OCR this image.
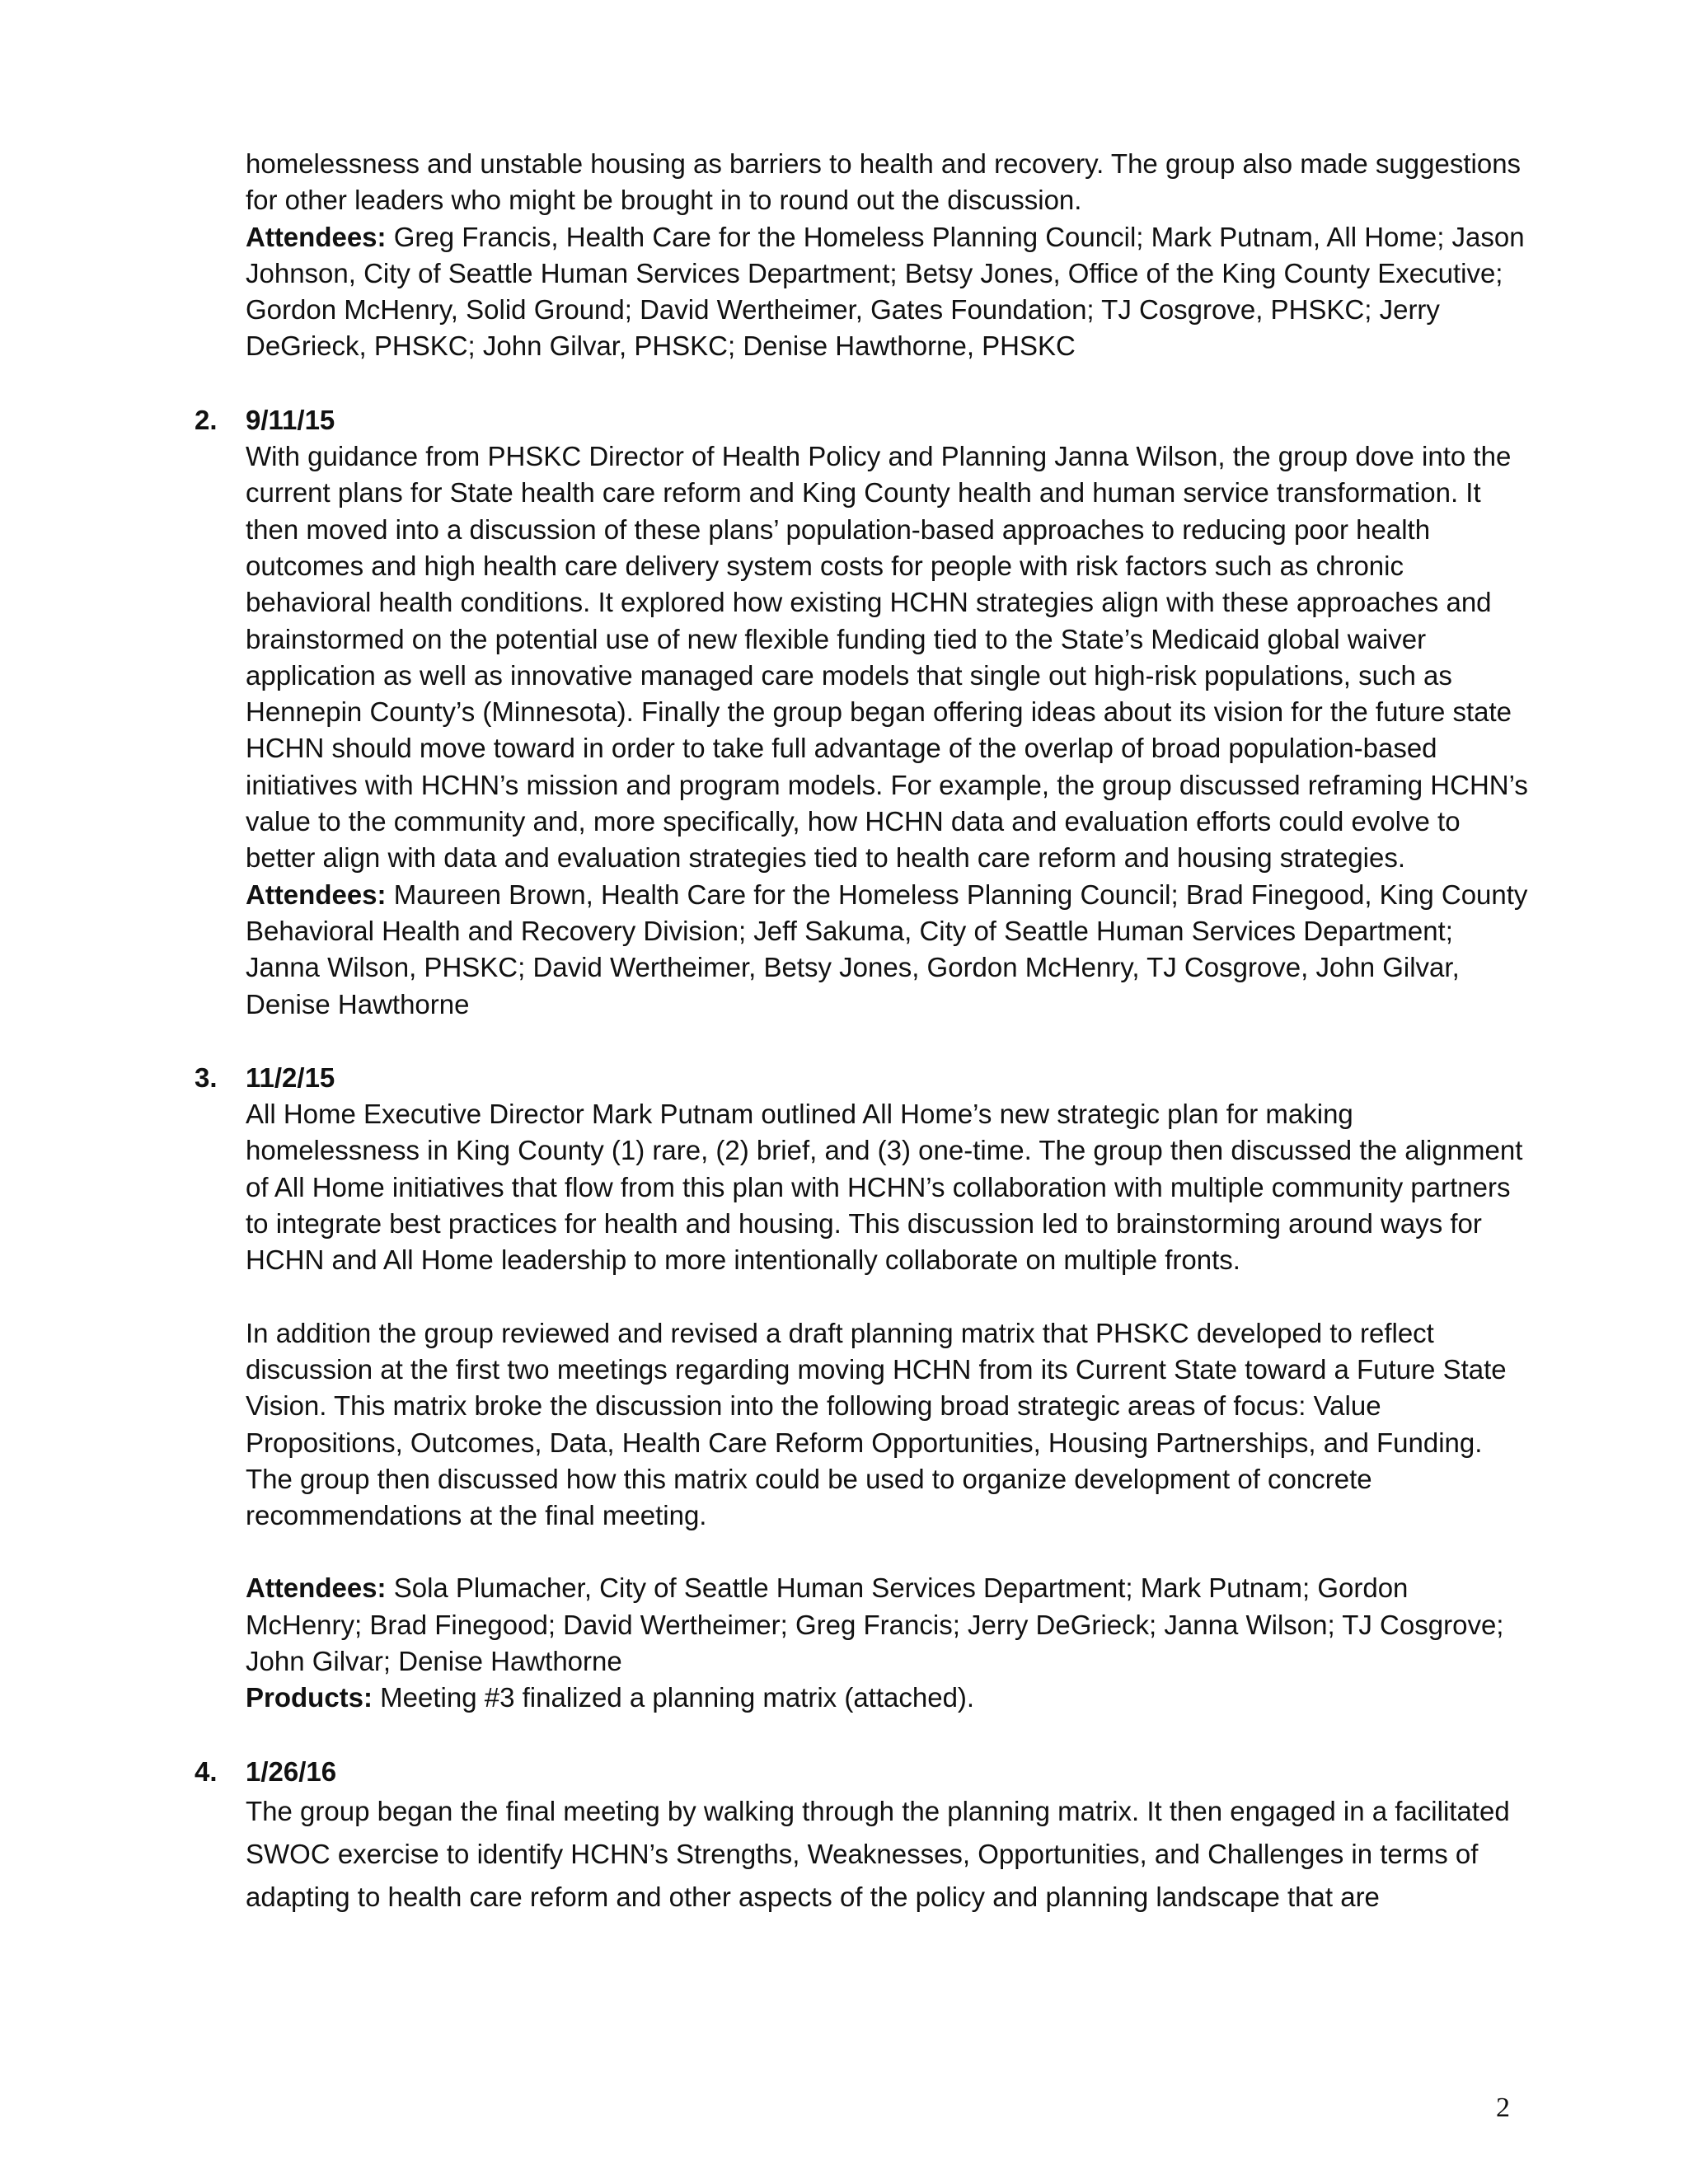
homelessness and unstable housing as barriers to health and recovery. The group also made suggestions for other leaders who might be brought in to round out the discussion.
Attendees: Greg Francis, Health Care for the Homeless Planning Council; Mark Putnam, All Home; Jason Johnson, City of Seattle Human Services Department; Betsy Jones, Office of the King County Executive; Gordon McHenry, Solid Ground; David Wertheimer, Gates Foundation; TJ Cosgrove, PHSKC; Jerry DeGrieck, PHSKC; John Gilvar, PHSKC; Denise Hawthorne, PHSKC

2. 9/11/15

With guidance from PHSKC Director of Health Policy and Planning Janna Wilson, the group dove into the current plans for State health care reform and King County health and human service transformation. It then moved into a discussion of these plans’ population-based approaches to reducing poor health outcomes and high health care delivery system costs for people with risk factors such as chronic behavioral health conditions. It explored how existing HCHN strategies align with these approaches and brainstormed on the potential use of new flexible funding tied to the State’s Medicaid global waiver application as well as innovative managed care models that single out high-risk populations, such as Hennepin County’s (Minnesota). Finally the group began offering ideas about its vision for the future state HCHN should move toward in order to take full advantage of the overlap of broad population-based initiatives with HCHN’s mission and program models. For example, the group discussed reframing HCHN’s value to the community and, more specifically, how HCHN data and evaluation efforts could evolve to better align with data and evaluation strategies tied to health care reform and housing strategies.
Attendees: Maureen Brown, Health Care for the Homeless Planning Council; Brad Finegood, King County Behavioral Health and Recovery Division; Jeff Sakuma, City of Seattle Human Services Department; Janna Wilson, PHSKC; David Wertheimer, Betsy Jones, Gordon McHenry, TJ Cosgrove, John Gilvar, Denise Hawthorne

3. 11/2/15

All Home Executive Director Mark Putnam outlined All Home’s new strategic plan for making homelessness in King County (1) rare, (2) brief, and (3) one-time. The group then discussed the alignment of All Home initiatives that flow from this plan with HCHN’s collaboration with multiple community partners to integrate best practices for health and housing. This discussion led to brainstorming around ways for HCHN and All Home leadership to more intentionally collaborate on multiple fronts.

In addition the group reviewed and revised a draft planning matrix that PHSKC developed to reflect discussion at the first two meetings regarding moving HCHN from its Current State toward a Future State Vision. This matrix broke the discussion into the following broad strategic areas of focus: Value Propositions, Outcomes, Data, Health Care Reform Opportunities, Housing Partnerships, and Funding. The group then discussed how this matrix could be used to organize development of concrete recommendations at the final meeting.

Attendees: Sola Plumacher, City of Seattle Human Services Department; Mark Putnam; Gordon McHenry; Brad Finegood; David Wertheimer; Greg Francis; Jerry DeGrieck; Janna Wilson; TJ Cosgrove; John Gilvar; Denise Hawthorne
Products: Meeting #3 finalized a planning matrix (attached).

4. 1/26/16

The group began the final meeting by walking through the planning matrix. It then engaged in a facilitated SWOC exercise to identify HCHN’s Strengths, Weaknesses, Opportunities, and Challenges in terms of adapting to health care reform and other aspects of the policy and planning landscape that are

2
